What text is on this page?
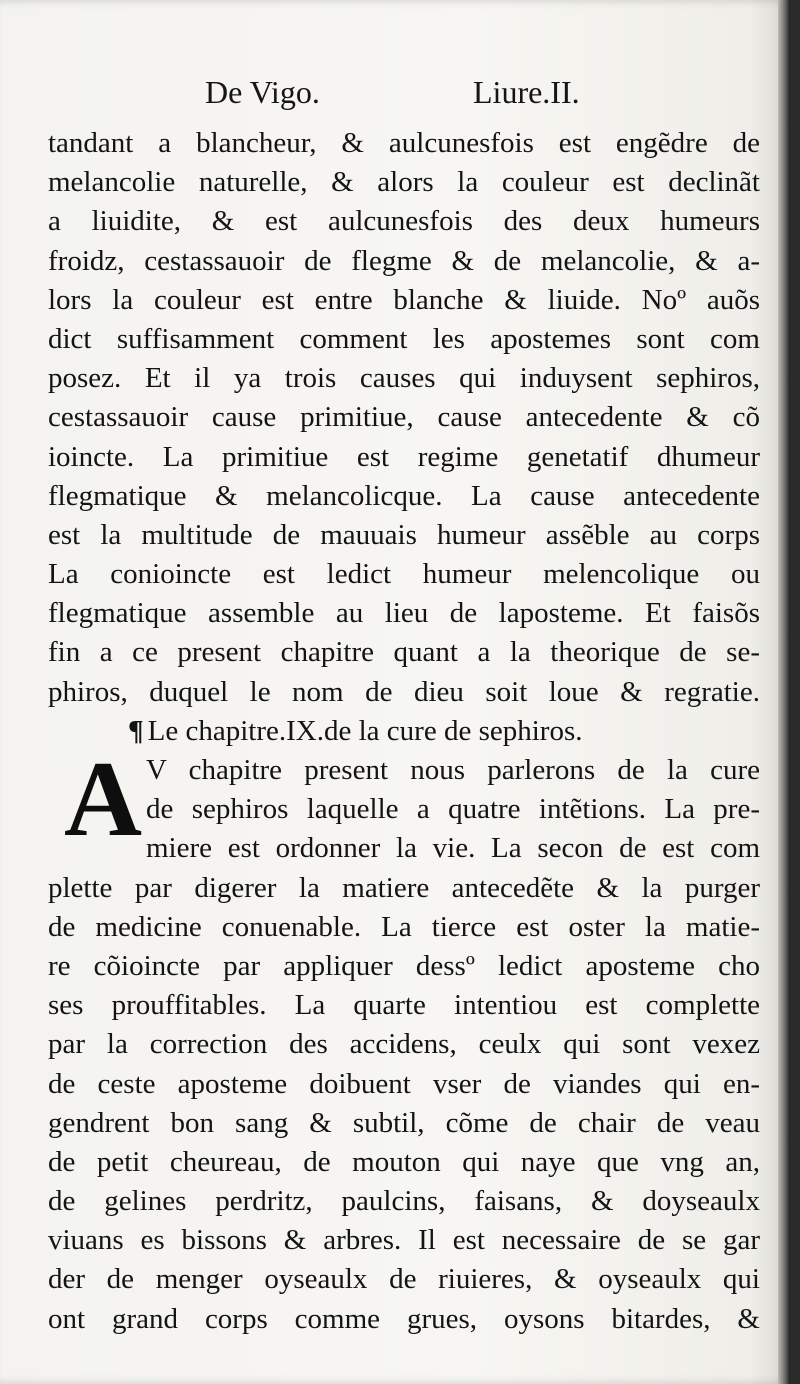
De Vigo.	Liure.II.
A
tandant a blancheur, & aulcunesfois est engẽdre de
melancolie naturelle, & alors la couleur est declinãt
a liuidite, & est aulcunesfois des deux humeurs
froidz, cestassauoir de flegme & de melancolie, & a-
lors la couleur est entre blanche & liuide. Noº auõs
dict suffisamment comment les apostemes sont com
posez. Et il ya trois causes qui induysent sephiros,
cestassauoir cause primitiue, cause antecedente & cõ
ioincte. La primitiue est regime genetatif dhumeur
flegmatique & melancolicque. La cause antecedente
est la multitude de mauuais humeur assẽble au corps
La conioincte est ledict humeur melencolique ou
flegmatique assemble au lieu de laposteme. Et faisõs
fin a ce present chapitre quant a la theorique de se-
phiros, duquel le nom de dieu soit loue & regratie.
¶ Le chapitre.IX.de la cure de sephiros.
V chapitre present nous parlerons de la cure
de sephiros laquelle a quatre intẽtions. La pre-
miere est ordonner la vie. La secon de est com
plette par digerer la matiere antecedẽte & la purger
de medicine conuenable. La tierce est oster la matie-
re cõioincte par appliquer dessº ledict aposteme cho
ses prouffitables. La quarte intentiou est complette
par la correction des accidens, ceulx qui sont vexez
de ceste aposteme doibuent vser de viandes qui en-
gendrent bon sang & subtil, cõme de chair de veau
de petit cheureau, de mouton qui naye que vng an,
de gelines perdritz, paulcins, faisans, & doyseaulx
viuans es bissons & arbres. Il est necessaire de se gar
der de menger oyseaulx de riuieres, & oyseaulx qui
ont grand corps comme grues, oysons bitardes, &
